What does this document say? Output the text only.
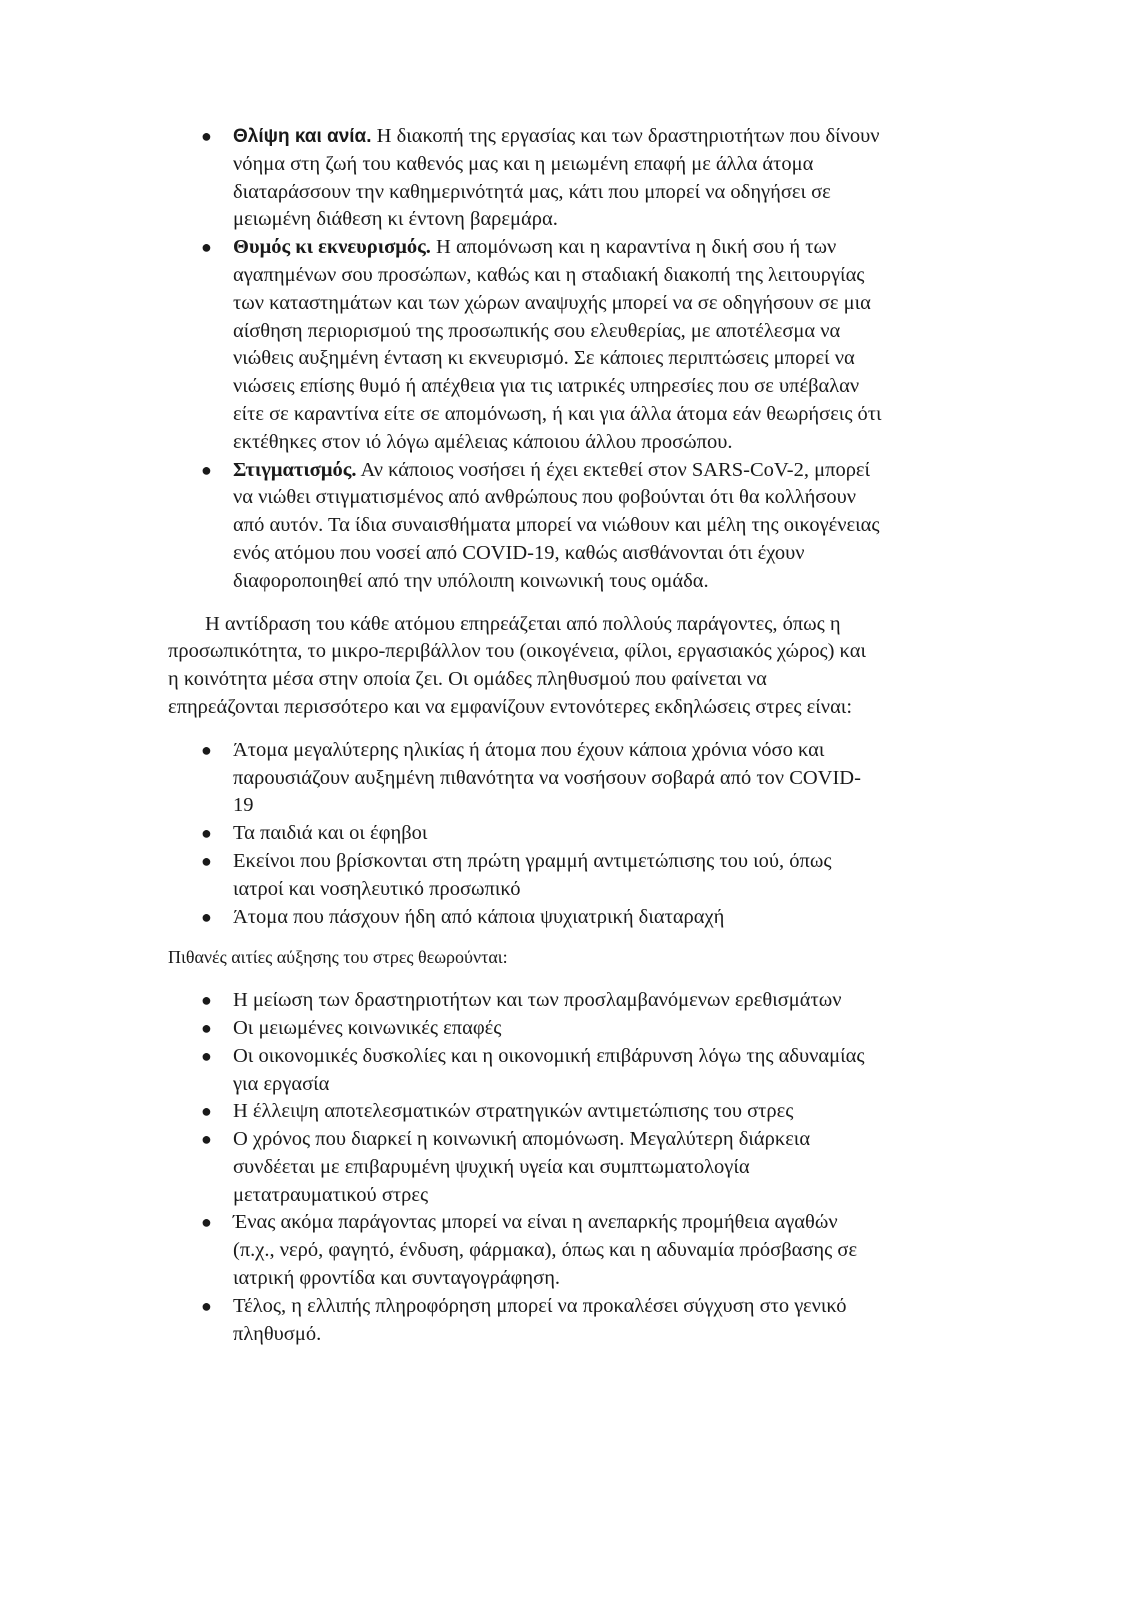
● Θλίψη και ανία. Η διακοπή της εργασίας και των δραστηριοτήτων που δίνουν
νόημα στη ζωή του καθενός μας και η μειωμένη επαφή με άλλα άτομα
διαταράσσουν την καθημερινότητά μας, κάτι που μπορεί να οδηγήσει σε
μειωμένη διάθεση κι έντονη βαρεμάρα.
● Θυμός κι εκνευρισμός. Η απομόνωση και η καραντίνα η δική σου ή των
αγαπημένων σου προσώπων, καθώς και η σταδιακή διακοπή της λειτουργίας
των καταστημάτων και των χώρων αναψυχής μπορεί να σε οδηγήσουν σε μια
αίσθηση περιορισμού της προσωπικής σου ελευθερίας, με αποτέλεσμα να
νιώθεις αυξημένη ένταση κι εκνευρισμό. Σε κάποιες περιπτώσεις μπορεί να
νιώσεις επίσης θυμό ή απέχθεια για τις ιατρικές υπηρεσίες που σε υπέβαλαν
είτε σε καραντίνα είτε σε απομόνωση, ή και για άλλα άτομα εάν θεωρήσεις ότι
εκτέθηκες στον ιό λόγω αμέλειας κάποιου άλλου προσώπου.
● Στιγματισμός. Αν κάποιος νοσήσει ή έχει εκτεθεί στον SARS-CoV-2, μπορεί
να νιώθει στιγματισμένος από ανθρώπους που φοβούνται ότι θα κολλήσουν
από αυτόν. Τα ίδια συναισθήματα μπορεί να νιώθουν και μέλη της οικογένειας
ενός ατόμου που νοσεί από COVID-19, καθώς αισθάνονται ότι έχουν
διαφοροποιηθεί από την υπόλοιπη κοινωνική τους ομάδα.
Η αντίδραση του κάθε ατόμου επηρεάζεται από πολλούς παράγοντες, όπως η
προσωπικότητα, το μικρο-περιβάλλον του (οικογένεια, φίλοι, εργασιακός χώρος) και
η κοινότητα μέσα στην οποία ζει. Οι ομάδες πληθυσμού που φαίνεται να
επηρεάζονται περισσότερο και να εμφανίζουν εντονότερες εκδηλώσεις στρες είναι:
● Άτομα μεγαλύτερης ηλικίας ή άτομα που έχουν κάποια χρόνια νόσο και
παρουσιάζουν αυξημένη πιθανότητα να νοσήσουν σοβαρά από τον COVID-
19
● Τα παιδιά και οι έφηβοι
● Εκείνοι που βρίσκονται στη πρώτη γραμμή αντιμετώπισης του ιού, όπως
ιατροί και νοσηλευτικό προσωπικό
● Άτομα που πάσχουν ήδη από κάποια ψυχιατρική διαταραχή
Πιθανές αιτίες αύξησης του στρες θεωρούνται:
● Η μείωση των δραστηριοτήτων και των προσλαμβανόμενων ερεθισμάτων
● Οι μειωμένες κοινωνικές επαφές
● Οι οικονομικές δυσκολίες και η οικονομική επιβάρυνση λόγω της αδυναμίας
για εργασία
● Η έλλειψη αποτελεσματικών στρατηγικών αντιμετώπισης του στρες
● Ο χρόνος που διαρκεί η κοινωνική απομόνωση. Μεγαλύτερη διάρκεια
συνδέεται με επιβαρυμένη ψυχική υγεία και συμπτωματολογία
μετατραυματικού στρες
● Ένας ακόμα παράγοντας μπορεί να είναι η ανεπαρκής προμήθεια αγαθών
(π.χ., νερό, φαγητό, ένδυση, φάρμακα), όπως και η αδυναμία πρόσβασης σε
ιατρική φροντίδα και συνταγογράφηση.
● Τέλος, η ελλιπής πληροφόρηση μπορεί να προκαλέσει σύγχυση στο γενικό
πληθυσμό.
